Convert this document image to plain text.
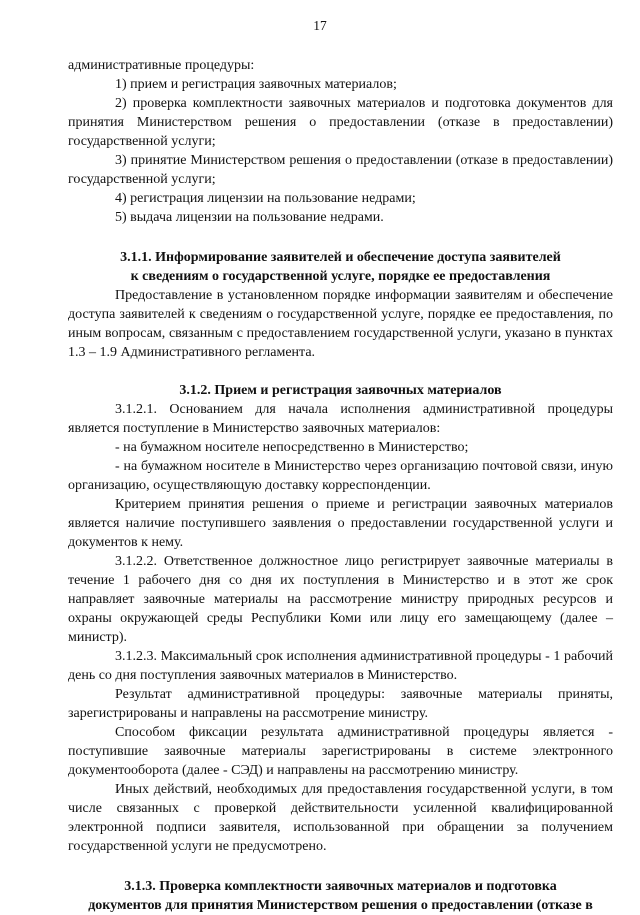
17

административные процедуры:

1) прием и регистрация заявочных материалов;

2) проверка комплектности заявочных материалов и подготовка документов для принятия Министерством решения о предоставлении (отказе в предоставлении) государственной услуги;

3) принятие Министерством решения о предоставлении (отказе в предоставлении) государственной услуги;

4) регистрация лицензии на пользование недрами;

5) выдача лицензии на пользование недрами.

3.1.1. Информирование заявителей и обеспечение доступа заявителей

к сведениям о государственной услуге, порядке ее предоставления

Предоставление в установленном порядке информации заявителям и обеспечение доступа заявителей к сведениям о государственной услуге, порядке ее предоставления, по иным вопросам, связанным с предоставлением государственной услуги, указано в пунктах 1.3 – 1.9 Административного регламента.

3.1.2. Прием и регистрация заявочных материалов

3.1.2.1. Основанием для начала исполнения административной процедуры является поступление в Министерство заявочных материалов:

- на бумажном носителе непосредственно в Министерство;

- на бумажном носителе в Министерство через организацию почтовой связи, иную организацию, осуществляющую доставку корреспонденции.

Критерием принятия решения о приеме и регистрации заявочных материалов является наличие поступившего заявления о предоставлении государственной услуги и документов к нему.

3.1.2.2. Ответственное должностное лицо регистрирует заявочные материалы в течение 1 рабочего дня со дня их поступления в Министерство и в этот же срок направляет заявочные материалы на рассмотрение министру природных ресурсов и охраны окружающей среды Республики Коми или лицу его замещающему (далее – министр).

3.1.2.3. Максимальный срок исполнения административной процедуры - 1 рабочий день со дня поступления заявочных материалов в Министерство.

Результат административной процедуры: заявочные материалы приняты, зарегистрированы и направлены на рассмотрение министру.

Способом фиксации результата административной процедуры является - поступившие заявочные материалы зарегистрированы в системе электронного документооборота (далее - СЭД) и направлены на рассмотрению министру.

Иных действий, необходимых для предоставления государственной услуги, в том числе связанных с проверкой действительности усиленной квалифицированной электронной подписи заявителя, использованной при обращении за получением государственной услуги не предусмотрено.

3.1.3. Проверка комплектности заявочных материалов и подготовка

документов для принятия Министерством решения о предоставлении (отказе в
